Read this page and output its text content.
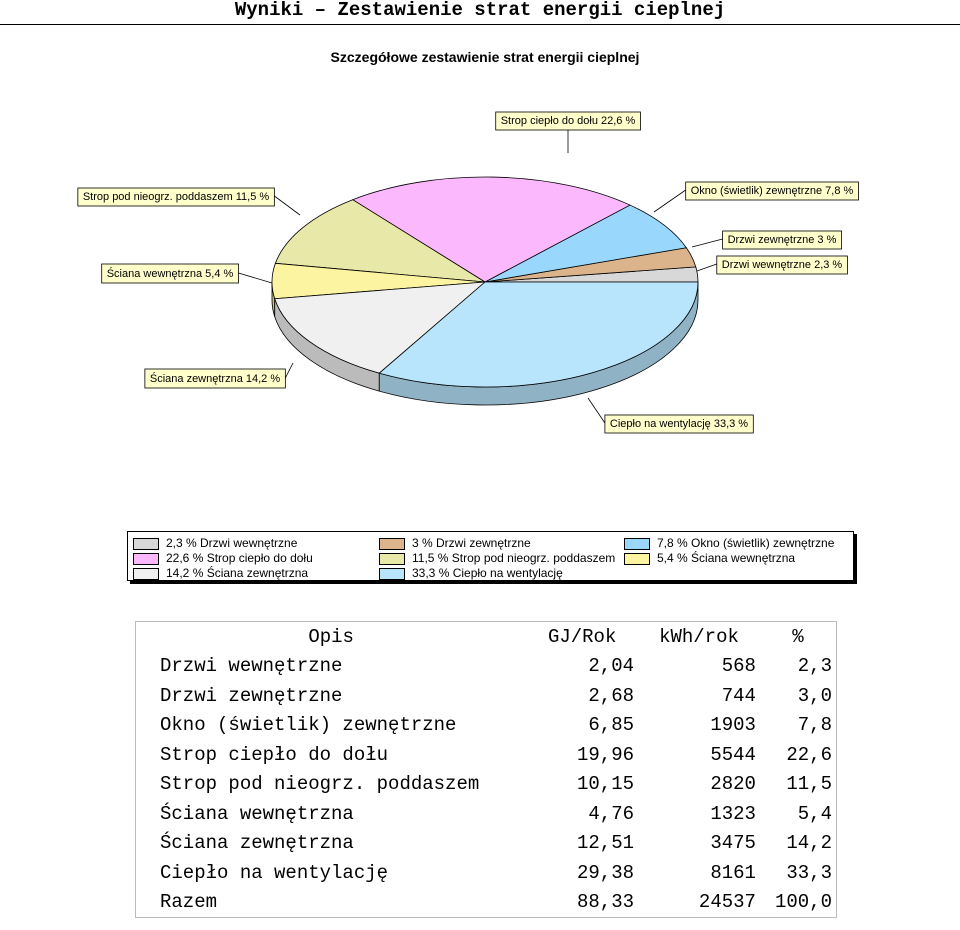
Wyniki – Zestawienie strat energii cieplnej
Szczegółowe zestawienie strat energii cieplnej
Drzwi wewnętrzne 2,3 %
Drzwi zewnętrzne 3 %
Okno (świetlik) zewnętrzne 7,8 %
Strop ciepło do dołu 22,6 %
Strop pod nieogrz. poddaszem 11,5 %
Ściana wewnętrzna 5,4 %
Ściana zewnętrzna 14,2 %
Ciepło na wentylację 33,3 %
2,3 % Drzwi wewnętrzne
22,6 % Strop ciepło do dołu
14,2 % Ściana zewnętrzna
3 % Drzwi zewnętrzne
11,5 % Strop pod nieogrz. poddaszem
33,3 % Ciepło na wentylację
7,8 % Okno (świetlik) zewnętrzne
5,4 % Ściana wewnętrzna
Opis	GJ/Rok	kWh/rok	%
Drzwi wewnętrzne	2,04	568	2,3
Drzwi zewnętrzne	2,68	744	3,0
Okno (świetlik) zewnętrzne	6,85	1903	7,8
Strop ciepło do dołu	19,96	5544	22,6
Strop pod nieogrz. poddaszem	10,15	2820	11,5
Ściana wewnętrzna	4,76	1323	5,4
Ściana zewnętrzna	12,51	3475	14,2
Ciepło na wentylację	29,38	8161	33,3
Razem	88,33	24537	100,0
